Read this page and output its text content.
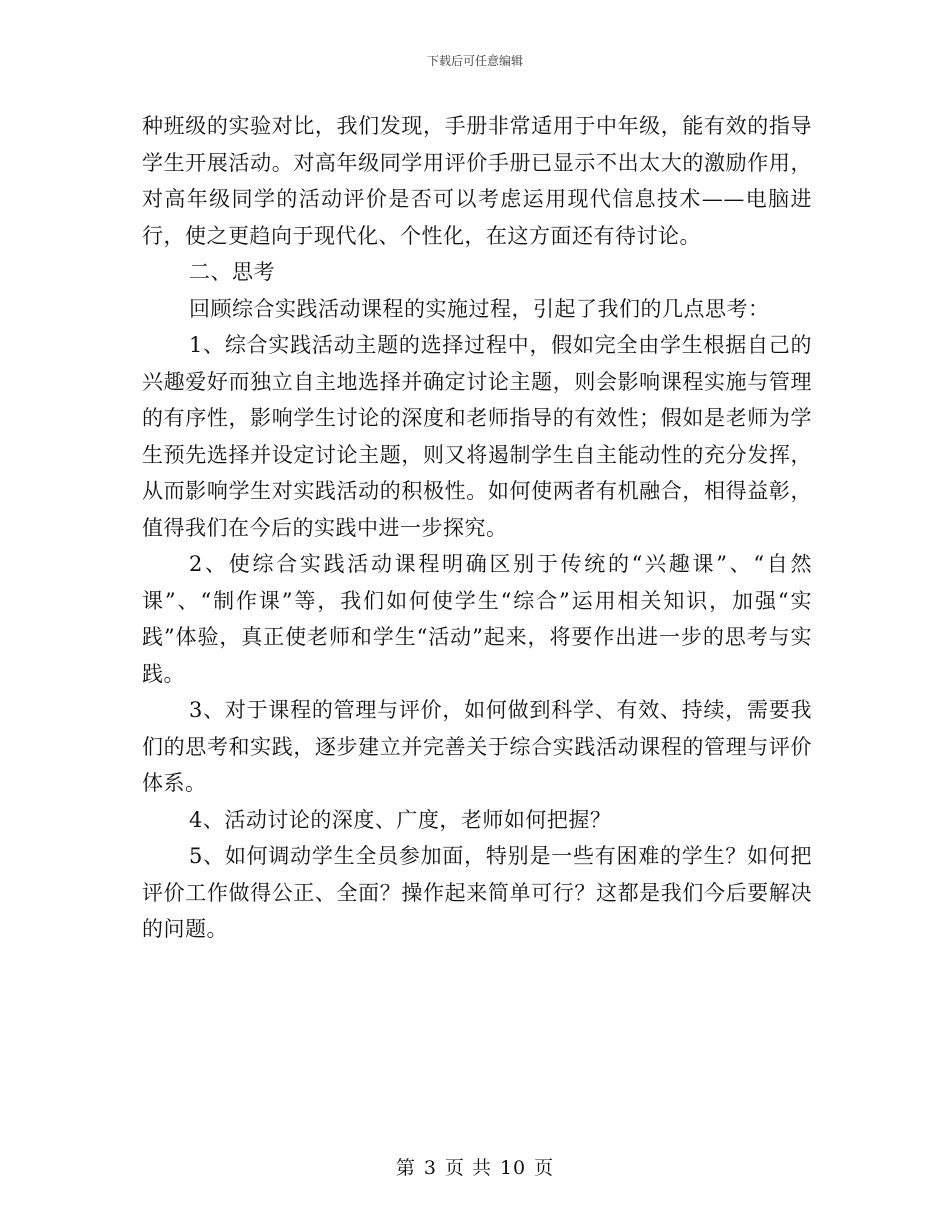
下载后可任意编辑

种班级的实验对比，我们发现，手册非常适用于中年级，能有效的指导学生开展活动。对高年级同学用评价手册已显示不出太大的激励作用，对高年级同学的活动评价是否可以考虑运用现代信息技术——电脑进行，使之更趋向于现代化、个性化，在这方面还有待讨论。

二、思考

回顾综合实践活动课程的实施过程，引起了我们的几点思考：

1、综合实践活动主题的选择过程中，假如完全由学生根据自己的兴趣爱好而独立自主地选择并确定讨论主题，则会影响课程实施与管理的有序性，影响学生讨论的深度和老师指导的有效性；假如是老师为学生预先选择并设定讨论主题，则又将遏制学生自主能动性的充分发挥，从而影响学生对实践活动的积极性。如何使两者有机融合，相得益彰，值得我们在今后的实践中进一步探究。

2、使综合实践活动课程明确区别于传统的“兴趣课”、“自然课”、“制作课”等，我们如何使学生“综合”运用相关知识，加强“实践”体验，真正使老师和学生“活动”起来，将要作出进一步的思考与实践。

3、对于课程的管理与评价，如何做到科学、有效、持续，需要我们的思考和实践，逐步建立并完善关于综合实践活动课程的管理与评价体系。

4、活动讨论的深度、广度，老师如何把握？

5、如何调动学生全员参加面，特别是一些有困难的学生？如何把评价工作做得公正、全面？操作起来简单可行？这都是我们今后要解决的问题。

第 3 页 共 10 页
